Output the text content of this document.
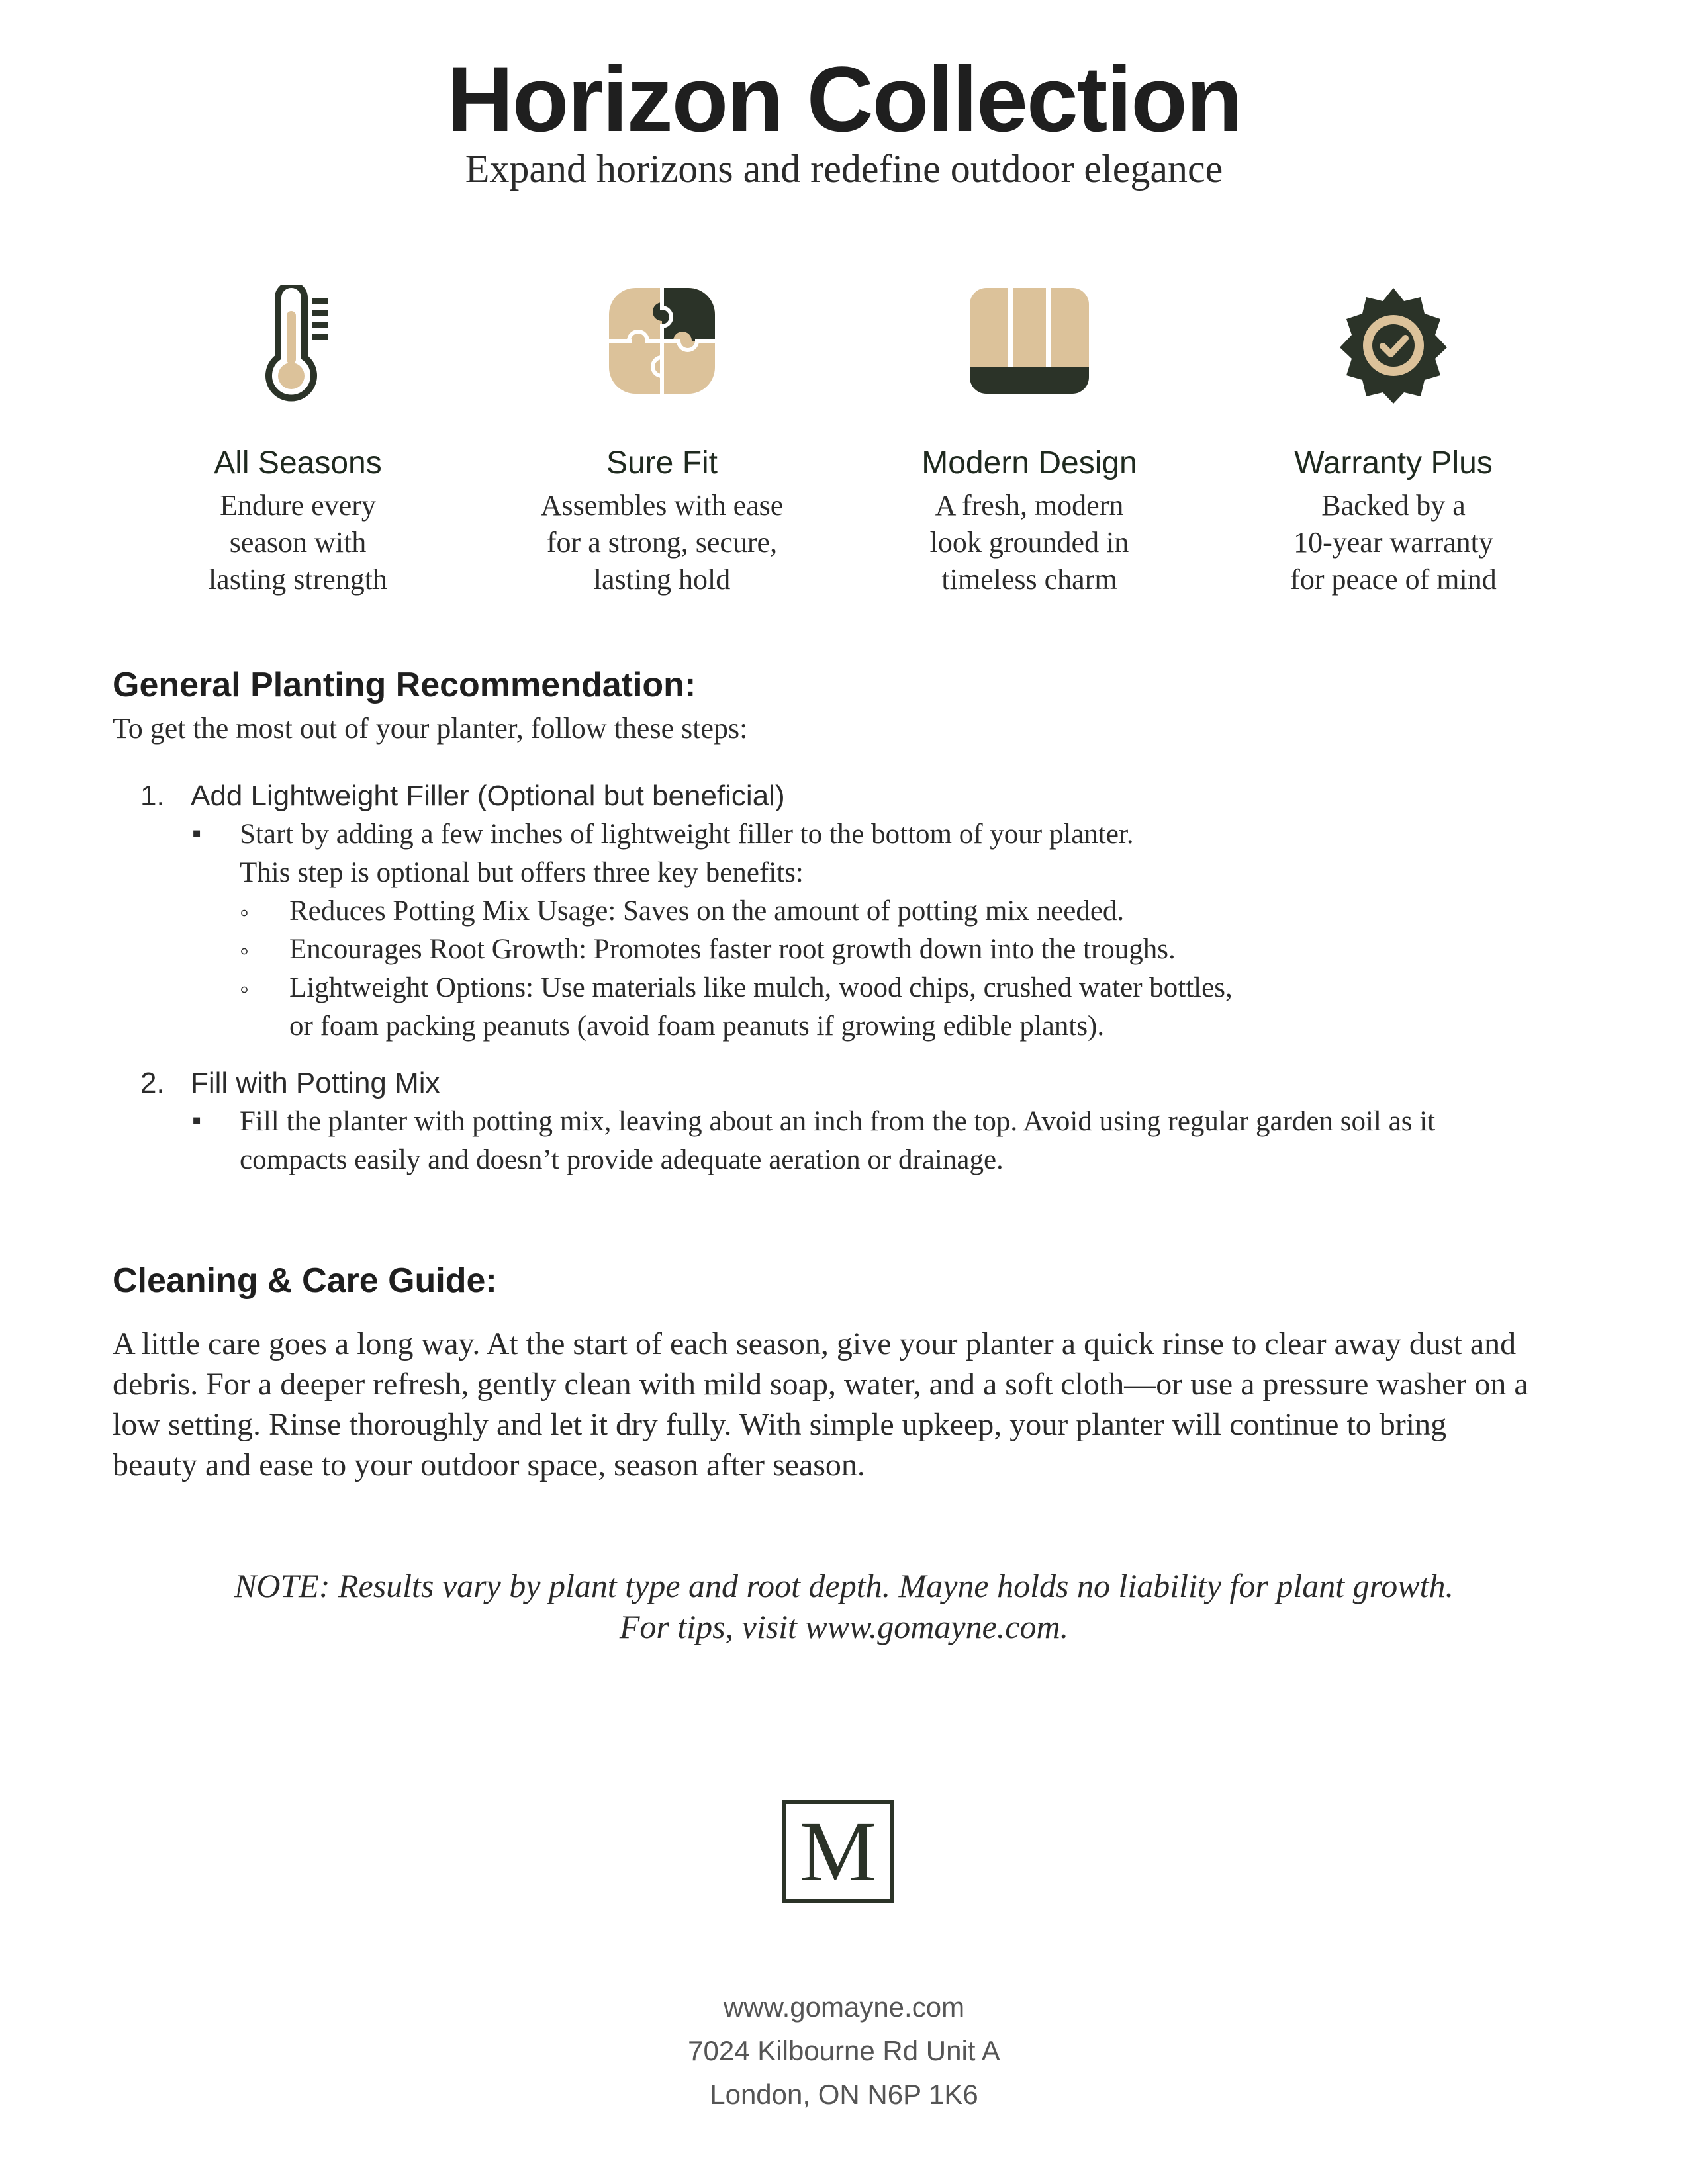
Horizon Collection
Expand horizons and redefine outdoor elegance
All Seasons
Endure every
season with
lasting strength
Sure Fit
Assembles with ease
for a strong, secure,
lasting hold
Modern Design
A fresh, modern
look grounded in
timeless charm
Warranty Plus
Backed by a
10-year warranty
for peace of mind
General Planting Recommendation:
To get the most out of your planter, follow these steps:
1. Add Lightweight Filler (Optional but beneficial)
▪ Start by adding a few inches of lightweight filler to the bottom of your planter.
This step is optional but offers three key benefits:
◦ Reduces Potting Mix Usage: Saves on the amount of potting mix needed.
◦ Encourages Root Growth: Promotes faster root growth down into the troughs.
◦ Lightweight Options: Use materials like mulch, wood chips, crushed water bottles,
or foam packing peanuts (avoid foam peanuts if growing edible plants).
2. Fill with Potting Mix
▪ Fill the planter with potting mix, leaving about an inch from the top. Avoid using regular garden soil as it
compacts easily and doesn’t provide adequate aeration or drainage.
Cleaning & Care Guide:
A little care goes a long way. At the start of each season, give your planter a quick rinse to clear away dust and
debris. For a deeper refresh, gently clean with mild soap, water, and a soft cloth—or use a pressure washer on a
low setting. Rinse thoroughly and let it dry fully. With simple upkeep, your planter will continue to bring
beauty and ease to your outdoor space, season after season.
NOTE: Results vary by plant type and root depth. Mayne holds no liability for plant growth.
For tips, visit www.gomayne.com.
M
www.gomayne.com
7024 Kilbourne Rd Unit A
London, ON N6P 1K6
